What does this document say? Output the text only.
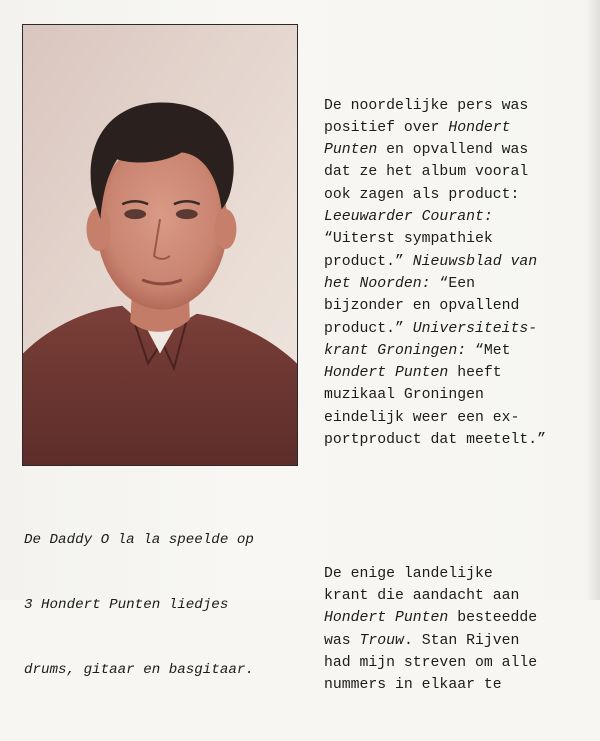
De Daddy O la la speelde op

3 Hondert Punten liedjes

drums, gitaar en basgitaar.

De noordelijke pers was
positief over Hondert
Punten en opvallend was
dat ze het album vooral
ook zagen als product:
Leeuwarder Courant:
“Uiterst sympathiek
product.” Nieuwsblad van
het Noorden: “Een
bijzonder en opvallend
product.” Universiteits-
krant Groningen: “Met
Hondert Punten heeft
muzikaal Groningen
eindelijk weer een ex-
portproduct dat meetelt.”

De enige landelijke
krant die aandacht aan
Hondert Punten besteedde
was Trouw. Stan Rijven
had mijn streven om alle
nummers in elkaar te
